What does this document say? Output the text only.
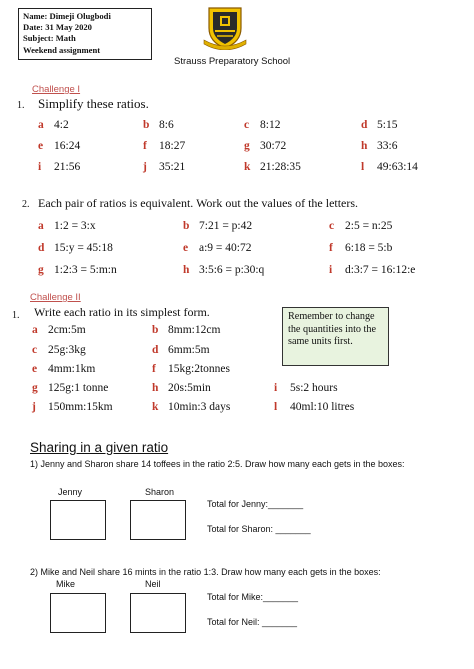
Name: Dimeji Olugbodi
Date: 31 May 2020
Subject: Math
Weekend assignment
Strauss Preparatory School
Challenge I
1. Simplify these ratios.
a 4:2	b 8:6	c 8:12	d 5:15
e 16:24	f 18:27	g 30:72	h 33:6
i 21:56	j 35:21	k 21:28:35	l 49:63:14
2. Each pair of ratios is equivalent. Work out the values of the letters.
a 1:2 = 3:x	b 7:21 = p:42	c 2:5 = n:25
d 15:y = 45:18	e a:9 = 40:72	f 6:18 = 5:b
g 1:2:3 = 5:m:n	h 3:5:6 = p:30:q	i d:3:7 = 16:12:e
Challenge II
1. Write each ratio in its simplest form.	Remember to change the quantities into the same units first.
a 2cm:5m	b 8mm:12cm
c 25g:3kg	d 6mm:5m
e 4mm:1km	f 15kg:2tonnes
g 125g:1 tonne	h 20s:5min	i 5s:2 hours
j 150mm:15km	k 10min:3 days	l 40ml:10 litres
Sharing in a given ratio
1) Jenny and Sharon share 14 toffees in the ratio 2:5. Draw how many each gets in the boxes:
Jenny	Sharon
Total for Jenny:_______
Total for Sharon: _______
2) Mike and Neil share 16 mints in the ratio 1:3. Draw how many each gets in the boxes:
Mike	Neil
Total for Mike:_______
Total for Neil: _______
